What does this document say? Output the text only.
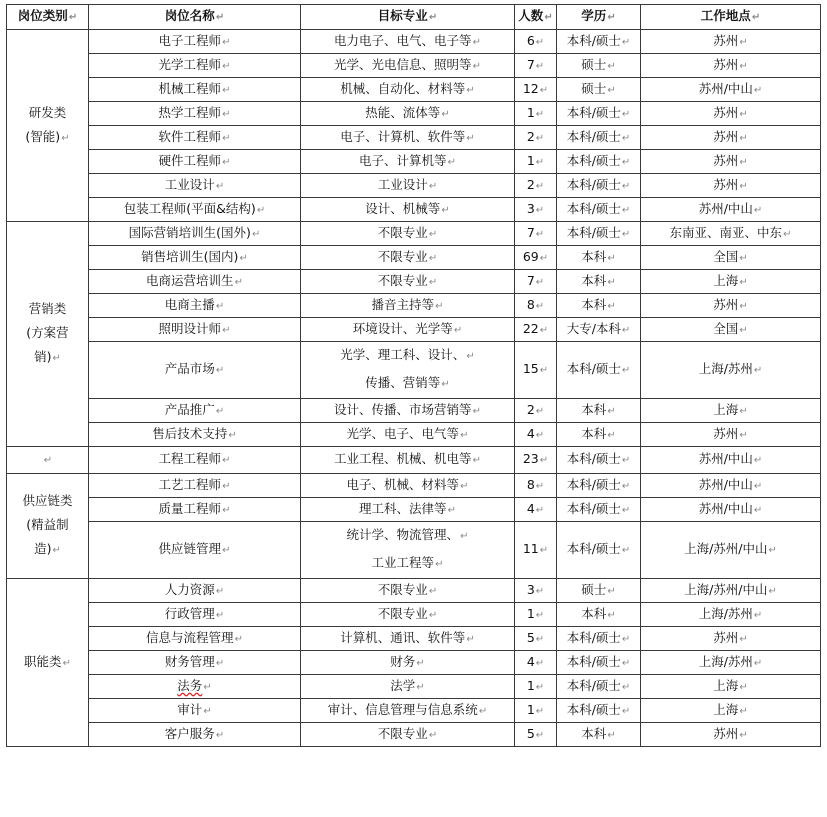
岗位类别↵	岗位名称↵	目标专业↵	人数↵	学历↵	工作地点↵

研发类
(智能)↵	电子工程师↵	电力电子、电气、电子等↵	6↵	本科/硕士↵	苏州↵
	光学工程师↵	光学、光电信息、照明等↵	7↵	硕士↵	苏州↵
	机械工程师↵	机械、自动化、材料等↵	12↵	硕士↵	苏州/中山↵
	热学工程师↵	热能、流体等↵	1↵	本科/硕士↵	苏州↵
	软件工程师↵	电子、计算机、软件等↵	2↵	本科/硕士↵	苏州↵
	硬件工程师↵	电子、计算机等↵	1↵	本科/硕士↵	苏州↵
	工业设计↵	工业设计↵	2↵	本科/硕士↵	苏州↵
	包装工程师(平面&结构)↵	设计、机械等↵	3↵	本科/硕士↵	苏州/中山↵

营销类
(方案营
销)↵	国际营销培训生(国外)↵	不限专业↵	7↵	本科/硕士↵	东南亚、南亚、中东↵
	销售培训生(国内)↵	不限专业↵	69↵	本科↵	全国↵
	电商运营培训生↵	不限专业↵	7↵	本科↵	上海↵
	电商主播↵	播音主持等↵	8↵	本科↵	苏州↵
	照明设计师↵	环境设计、光学等↵	22↵	大专/本科↵	全国↵
	产品市场↵	光学、理工科、设计、↵
传播、营销等↵	15↵	本科/硕士↵	上海/苏州↵
	产品推广↵	设计、传播、市场营销等↵	2↵	本科↵	上海↵
	售后技术支持↵	光学、电子、电气等↵	4↵	本科↵	苏州↵

↵	工程工程师↵	工业工程、机械、机电等↵	23↵	本科/硕士↵	苏州/中山↵

供应链类
(精益制
造)↵	工艺工程师↵	电子、机械、材料等↵	8↵	本科/硕士↵	苏州/中山↵
	质量工程师↵	理工科、法律等↵	4↵	本科/硕士↵	苏州/中山↵
	供应链管理↵	统计学、物流管理、↵
工业工程等↵	11↵	本科/硕士↵	上海/苏州/中山↵

职能类↵	人力资源↵	不限专业↵	3↵	硕士↵	上海/苏州/中山↵
	行政管理↵	不限专业↵	1↵	本科↵	上海/苏州↵
	信息与流程管理↵	计算机、通讯、软件等↵	5↵	本科/硕士↵	苏州↵
	财务管理↵	财务↵	4↵	本科/硕士↵	上海/苏州↵
	法务↵	法学↵	1↵	本科/硕士↵	上海↵
	审计↵	审计、信息管理与信息系统↵	1↵	本科/硕士↵	上海↵
	客户服务↵	不限专业↵	5↵	本科↵	苏州↵
